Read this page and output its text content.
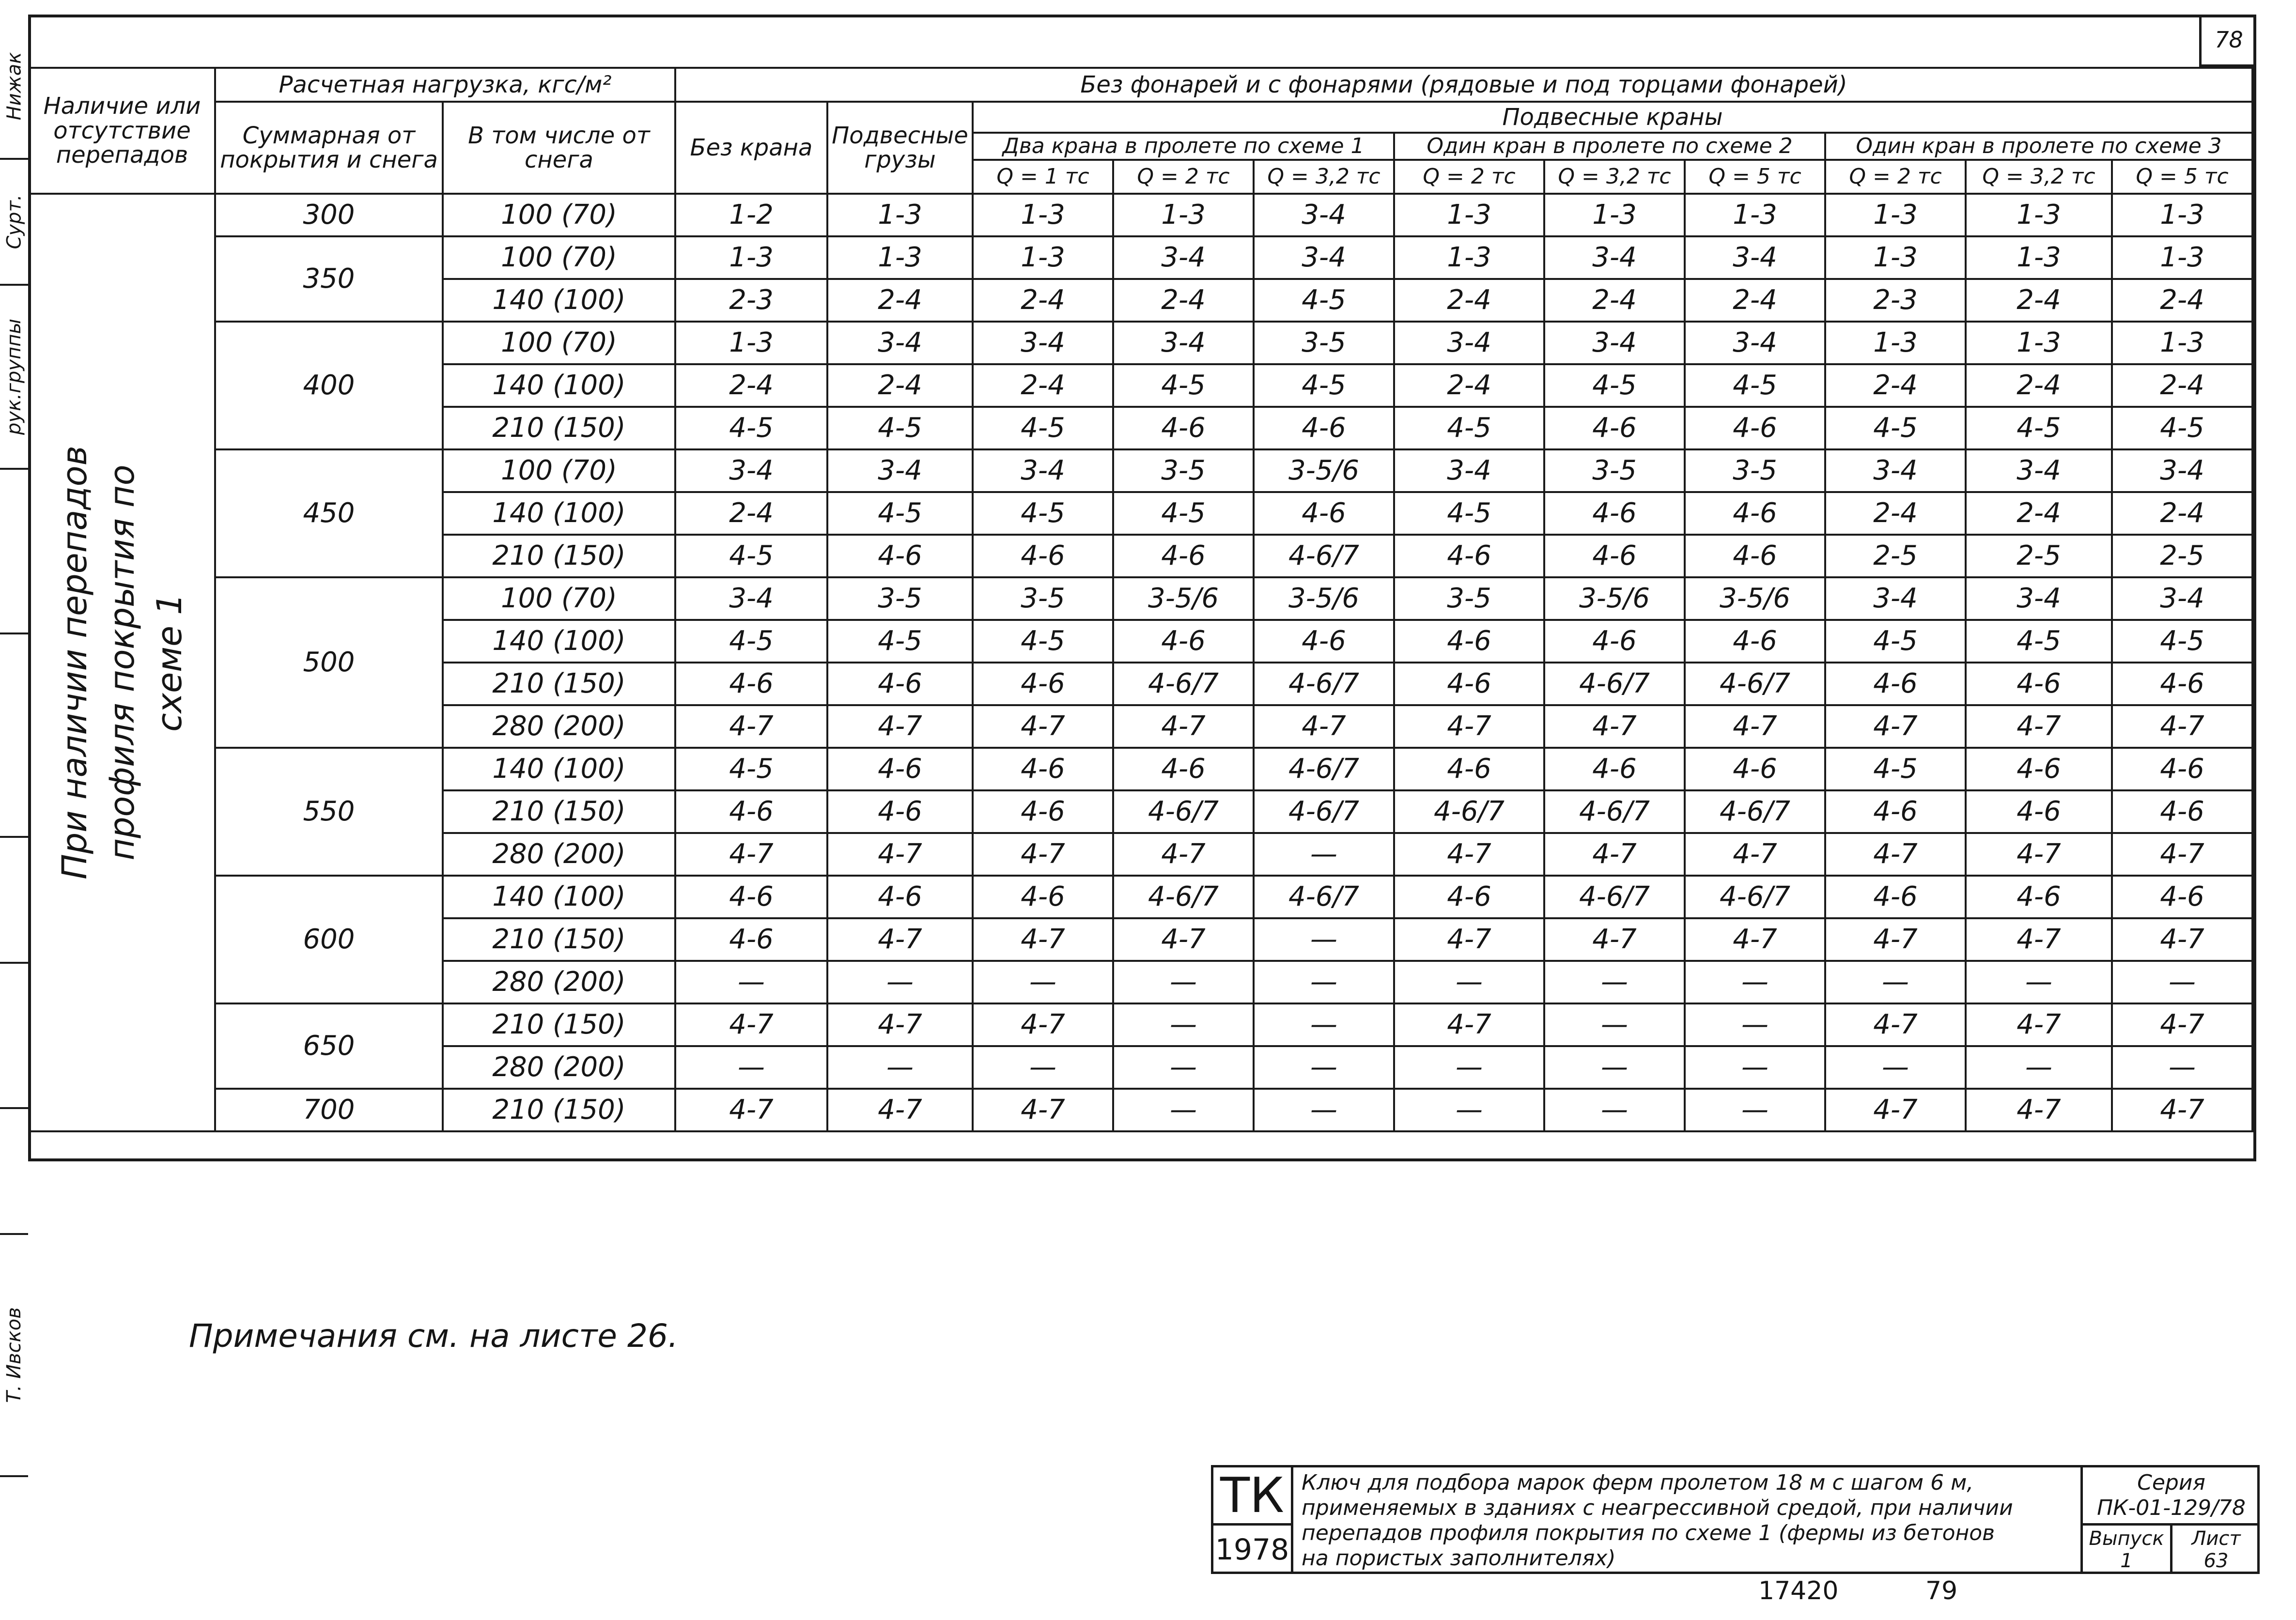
Нижак
Сурт.
рук.группы
Т. Ивсков
78
Наличие или отсутствие перепадов	Расчетная нагрузка, кгс/м²		Без фонарей и с фонарями (рядовые и под торцами фонарей)										
	Суммарная от покрытия и снега	В том числе от снега	Без крана	Подвесные грузы	Подвесные краны								
					Два крана в пролете по схеме 1			Один кран в пролете по схеме 2			Один кран в пролете по схеме 3		
					Q = 1 тс	Q = 2 тс	Q = 3,2 тс	Q = 2 тс	Q = 3,2 тс	Q = 5 тс	Q = 2 тс	Q = 3,2 тс	Q = 5 тс

При наличии перепадов профиля покрытия по схеме 1	300	100 (70)	1-2	1-3	1-3	1-3	3-4	1-3	1-3	1-3	1-3	1-3	1-3
	350	100 (70)	1-3	1-3	1-3	3-4	3-4	1-3	3-4	3-4	1-3	1-3	1-3
		140 (100)	2-3	2-4	2-4	2-4	4-5	2-4	2-4	2-4	2-3	2-4	2-4
	400	100 (70)	1-3	3-4	3-4	3-4	3-5	3-4	3-4	3-4	1-3	1-3	1-3
		140 (100)	2-4	2-4	2-4	4-5	4-5	2-4	4-5	4-5	2-4	2-4	2-4
		210 (150)	4-5	4-5	4-5	4-6	4-6	4-5	4-6	4-6	4-5	4-5	4-5
	450	100 (70)	3-4	3-4	3-4	3-5	3-5/6	3-4	3-5	3-5	3-4	3-4	3-4
		140 (100)	2-4	4-5	4-5	4-5	4-6	4-5	4-6	4-6	2-4	2-4	2-4
		210 (150)	4-5	4-6	4-6	4-6	4-6/7	4-6	4-6	4-6	2-5	2-5	2-5
	500	100 (70)	3-4	3-5	3-5	3-5/6	3-5/6	3-5	3-5/6	3-5/6	3-4	3-4	3-4
		140 (100)	4-5	4-5	4-5	4-6	4-6	4-6	4-6	4-6	4-5	4-5	4-5
		210 (150)	4-6	4-6	4-6	4-6/7	4-6/7	4-6	4-6/7	4-6/7	4-6	4-6	4-6
		280 (200)	4-7	4-7	4-7	4-7	4-7	4-7	4-7	4-7	4-7	4-7	4-7
	550	140 (100)	4-5	4-6	4-6	4-6	4-6/7	4-6	4-6	4-6	4-5	4-6	4-6
		210 (150)	4-6	4-6	4-6	4-6/7	4-6/7	4-6/7	4-6/7	4-6/7	4-6	4-6	4-6
		280 (200)	4-7	4-7	4-7	4-7	—	4-7	4-7	4-7	4-7	4-7	4-7
	600	140 (100)	4-6	4-6	4-6	4-6/7	4-6/7	4-6	4-6/7	4-6/7	4-6	4-6	4-6
		210 (150)	4-6	4-7	4-7	4-7	—	4-7	4-7	4-7	4-7	4-7	4-7
		280 (200)	—	—	—	—	—	—	—	—	—	—	—
	650	210 (150)	4-7	4-7	4-7	—	—	4-7	—	—	4-7	4-7	4-7
		280 (200)	—	—	—	—	—	—	—	—	—	—	—
	700	210 (150)	4-7	4-7	4-7	—	—	—	—	—	4-7	4-7	4-7
Примечания см. на листе 26.
ТК
1978
Ключ для подбора марок ферм пролетом 18 м с шагом 6 м, применяемых в зданиях с неагрессивной средой, при наличии перепадов профиля покрытия по схеме 1 (фермы из бетонов на пористых заполнителях)
Серия
ПК-01-129/78
Выпуск
1
Лист
63
17420	79
